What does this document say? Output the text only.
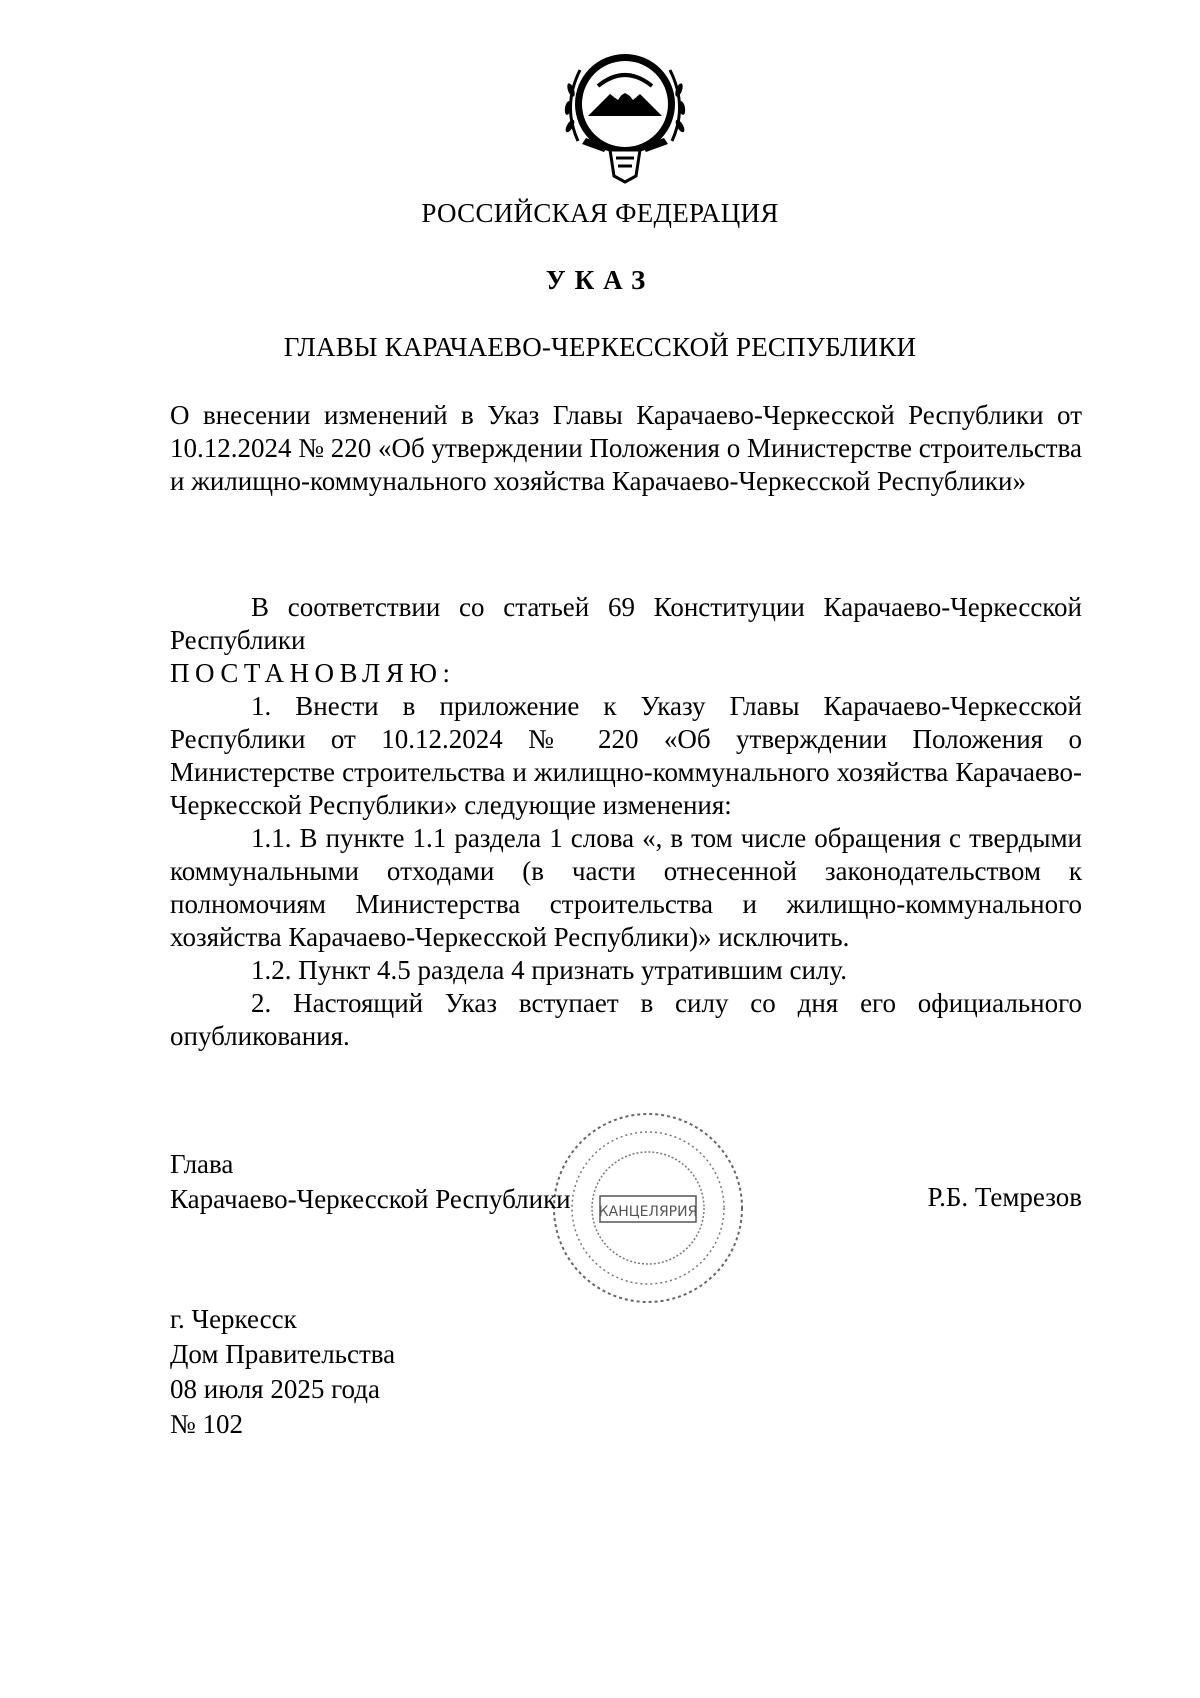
РОССИЙСКАЯ ФЕДЕРАЦИЯ
УКАЗ
ГЛАВЫ КАРАЧАЕВО-ЧЕРКЕССКОЙ РЕСПУБЛИКИ
О внесении изменений в Указ Главы Карачаево-Черкесской Республики от 10.12.2024 № 220 «Об утверждении Положения о Министерстве строительства и жилищно-коммунального хозяйства Карачаево-Черкесской Республики»

В соответствии со статьей 69 Конституции Карачаево-Черкесской Республики

ПОСТАНОВЛЯЮ:

1. Внести в приложение к Указу Главы Карачаево-Черкесской Республики от 10.12.2024 № 220 «Об утверждении Положения о Министерстве строительства и жилищно-коммунального хозяйства Карачаево-Черкесской Республики» следующие изменения:

1.1. В пункте 1.1 раздела 1 слова «, в том числе обращения с твердыми коммунальными отходами (в части отнесенной законодательством к полномочиям Министерства строительства и жилищно-коммунального хозяйства Карачаево-Черкесской Республики)» исключить.

1.2. Пункт 4.5 раздела 4 признать утратившим силу.

2. Настоящий Указ вступает в силу со дня его официального опубликования.

КАНЦЕЛЯРИЯ
Глава
Карачаево-Черкесской Республики	Р.Б. Темрезов
г. Черкесск
Дом Правительства
08 июля 2025 года
№ 102
